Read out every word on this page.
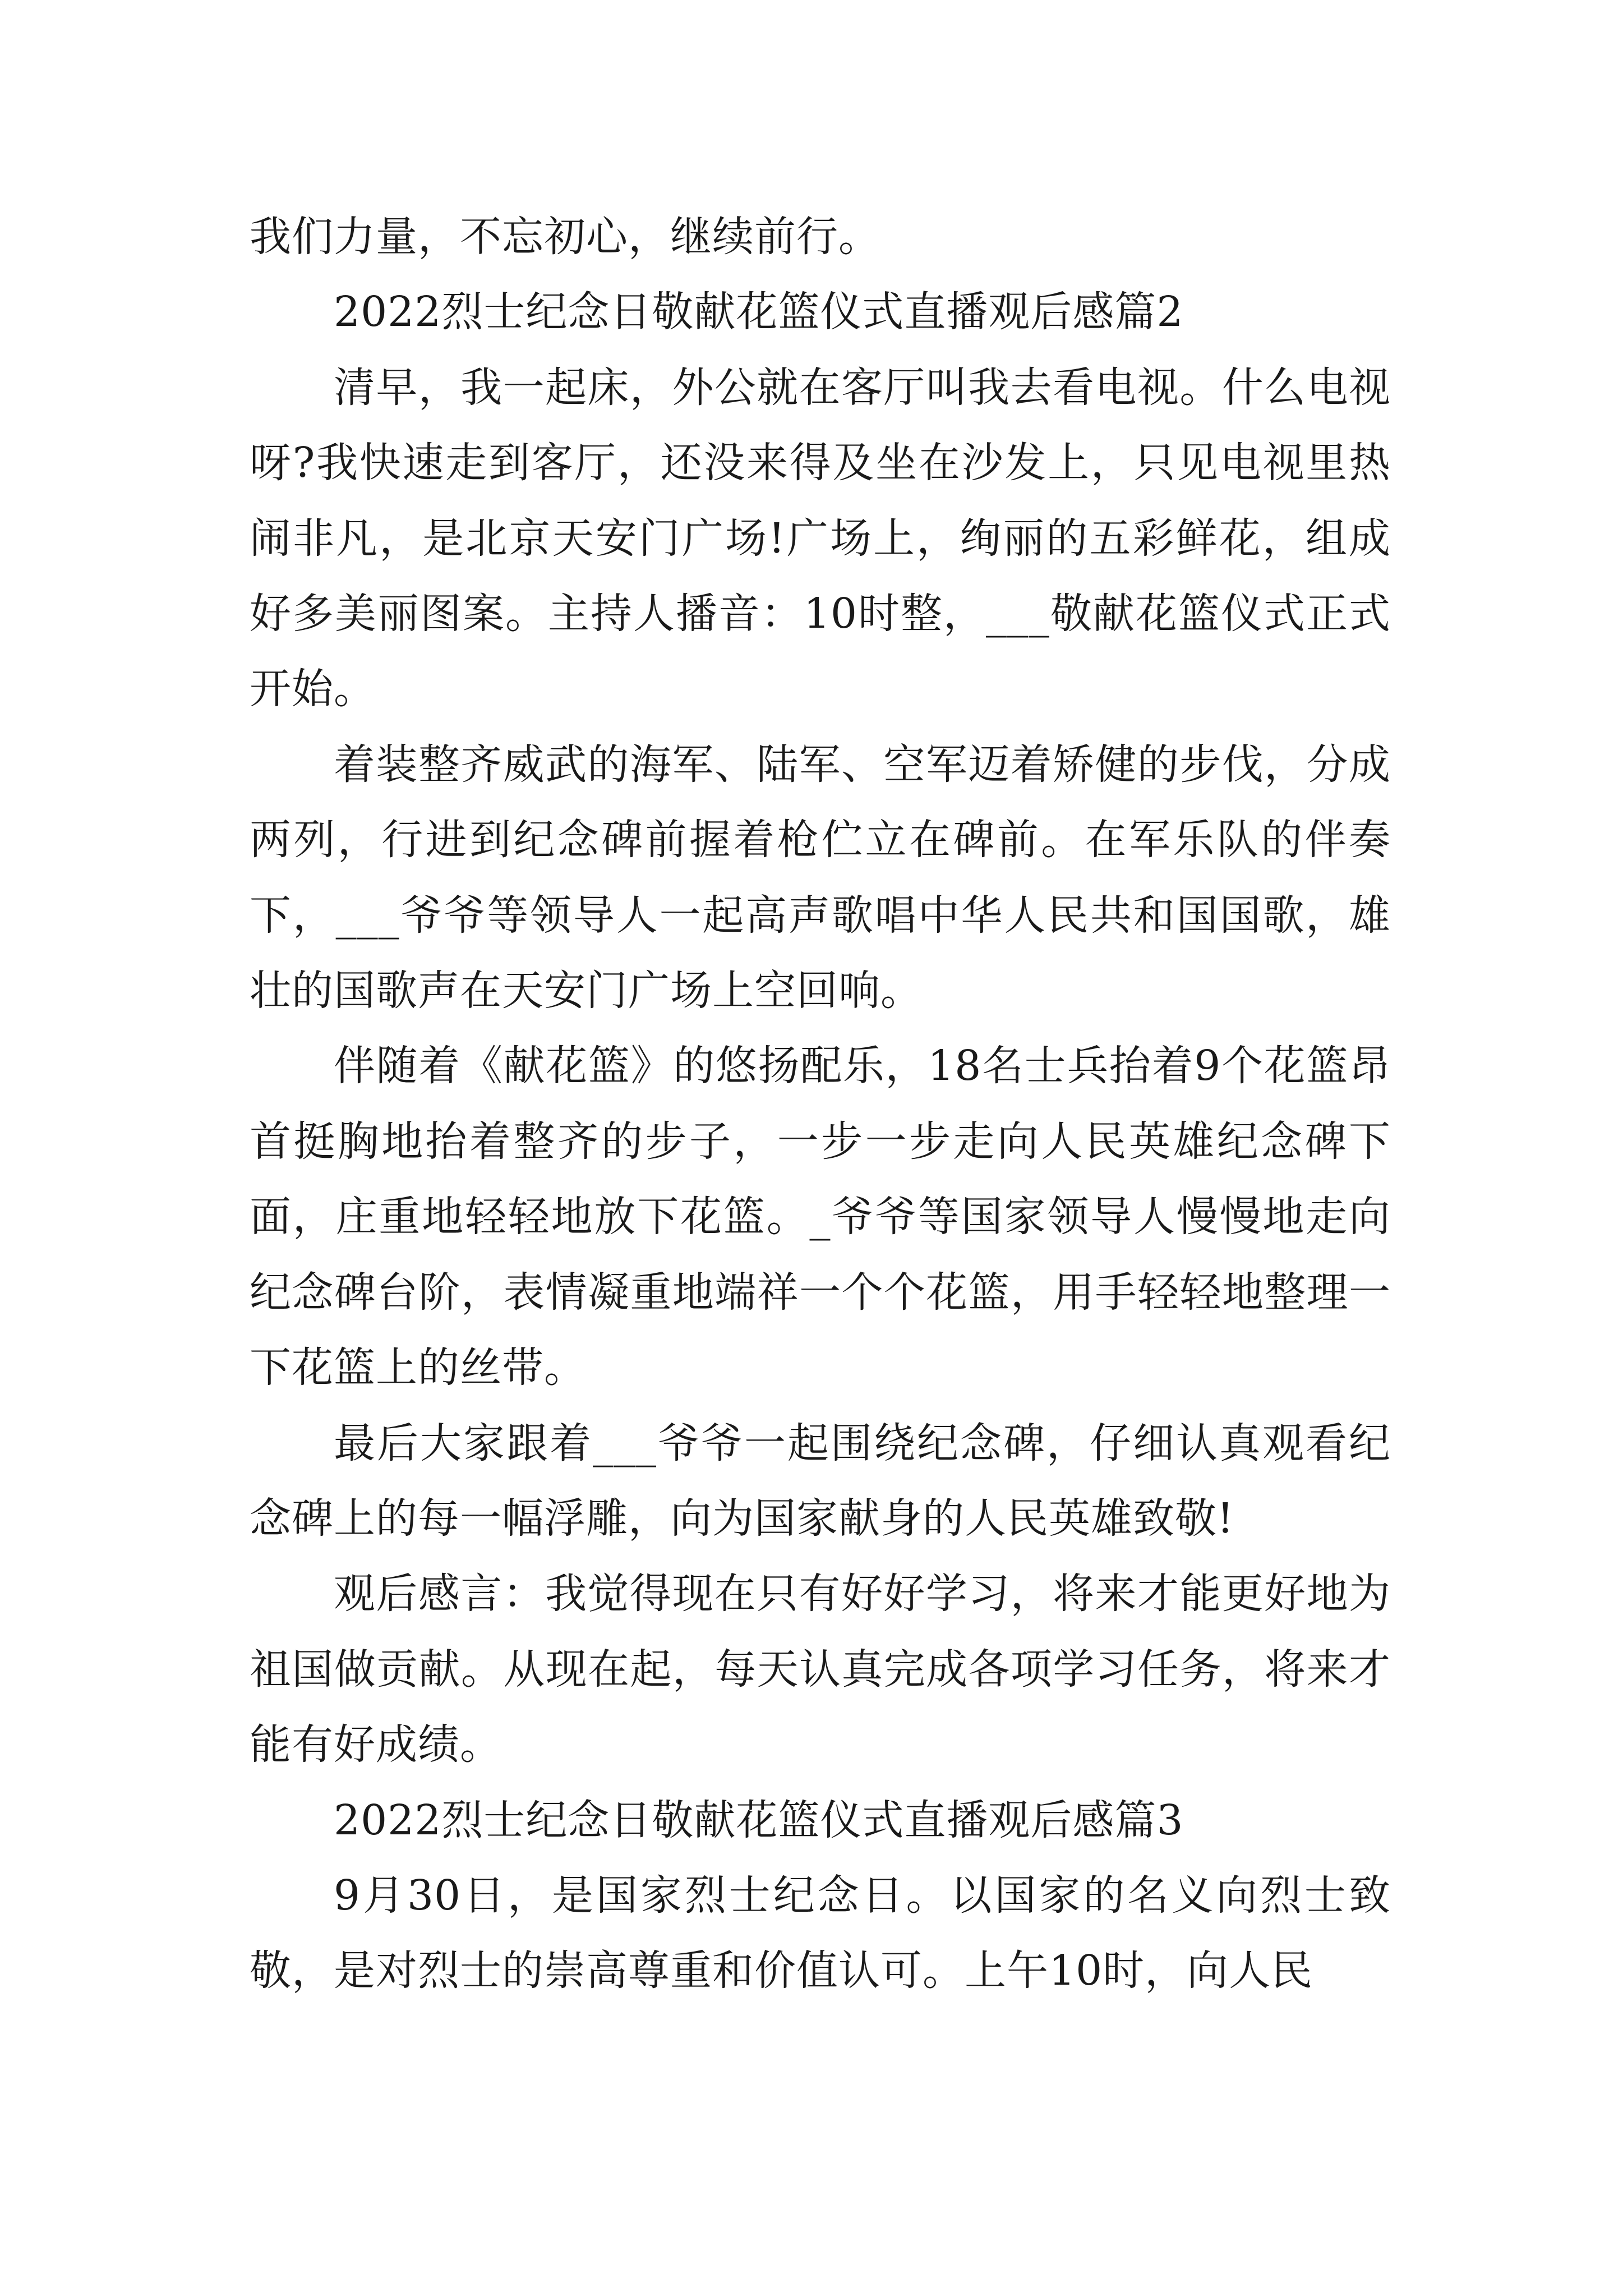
我们力量，不忘初心，继续前行。

2022烈士纪念日敬献花篮仪式直播观后感篇2

清早，我一起床，外公就在客厅叫我去看电视。什么电视呀?我快速走到客厅，还没来得及坐在沙发上，只见电视里热闹非凡，是北京天安门广场!广场上，绚丽的五彩鲜花，组成好多美丽图案。主持人播音：10时整，___敬献花篮仪式正式开始。

着装整齐威武的海军、陆军、空军迈着矫健的步伐，分成两列，行进到纪念碑前握着枪伫立在碑前。在军乐队的伴奏下，___爷爷等领导人一起高声歌唱中华人民共和国国歌，雄壮的国歌声在天安门广场上空回响。

伴随着《献花篮》的悠扬配乐，18名士兵抬着9个花篮昂首挺胸地抬着整齐的步子，一步一步走向人民英雄纪念碑下面，庄重地轻轻地放下花篮。_爷爷等国家领导人慢慢地走向纪念碑台阶，表情凝重地端祥一个个花篮，用手轻轻地整理一下花篮上的丝带。

最后大家跟着___爷爷一起围绕纪念碑，仔细认真观看纪念碑上的每一幅浮雕，向为国家献身的人民英雄致敬!

观后感言：我觉得现在只有好好学习，将来才能更好地为祖国做贡献。从现在起，每天认真完成各项学习任务，将来才能有好成绩。

2022烈士纪念日敬献花篮仪式直播观后感篇3

9月30日，是国家烈士纪念日。以国家的名义向烈士致敬，是对烈士的崇高尊重和价值认可。上午10时，向人民
